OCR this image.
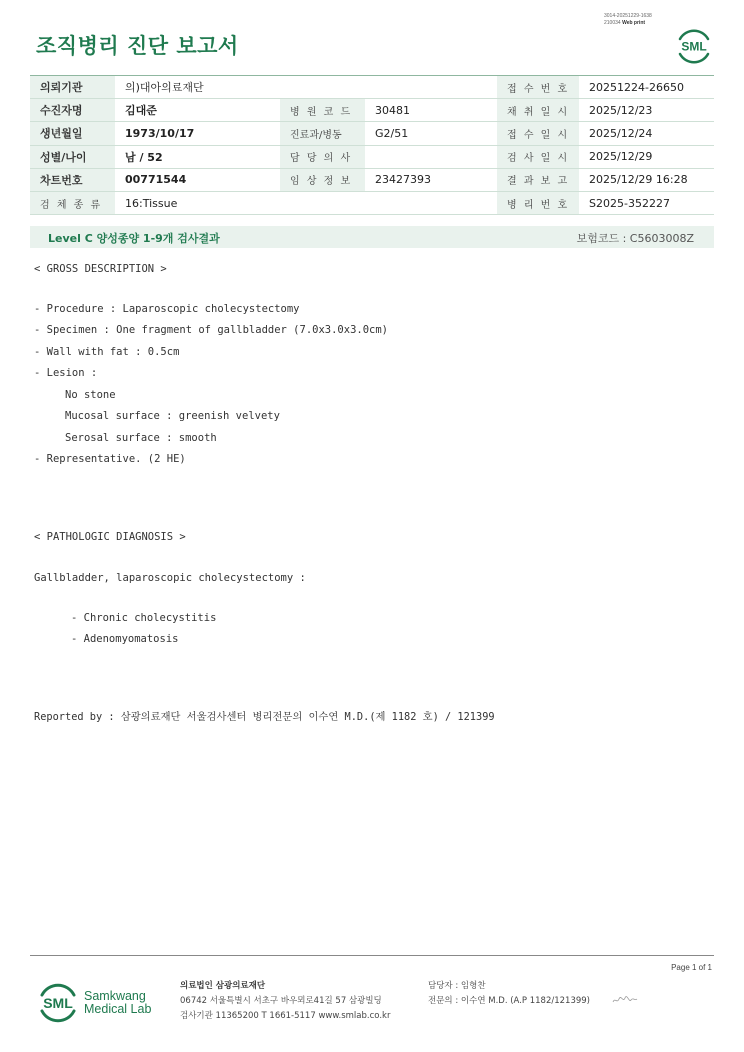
3014-20251229-1638
210034 Web print
조직병리 진단 보고서	SML
의뢰기관	의)대아의료재단			접 수 번 호	20251224-26650
수진자명	김대준	병 원 코 드	30481	채 취 일 시	2025/12/23
생년월일	1973/10/17	진료과/병동	G2/51	접 수 일 시	2025/12/24
성별/나이	남 / 52	담 당 의 사		검 사 일 시	2025/12/29
차트번호	00771544	임 상 정 보	23427393	결 과 보 고	2025/12/29 16:28
검 체 종 류	16:Tissue			병 리 번 호	S2025-352227
Level C 양성종양 1-9개 검사결과	보험코드 : C5603008Z
< GROSS DESCRIPTION >
- Procedure : Laparoscopic cholecystectomy
- Specimen : One fragment of gallbladder (7.0x3.0x3.0cm)
- Wall with fat : 0.5cm
- Lesion :
No stone
Mucosal surface : greenish velvety
Serosal surface : smooth
- Representative. (2 HE)
< PATHOLOGIC DIAGNOSIS >
Gallbladder, laparoscopic cholecystectomy :
- Chronic cholecystitis
- Adenomyomatosis
Reported by : 삼광의료재단 서울검사센터 병리전문의 이수연 M.D.(제 1182 호) / 121399
Page 1 of 1
SML Samkwang
Medical Lab
의료법인 삼광의료재단
06742 서울특별시 서초구 바우뫼로41길 57 삼광빌딩
검사기관 11365200 T 1661-5117 www.smlab.co.kr
담당자 : 임형찬
전문의 : 이수연 M.D. (A.P 1182/121399)
